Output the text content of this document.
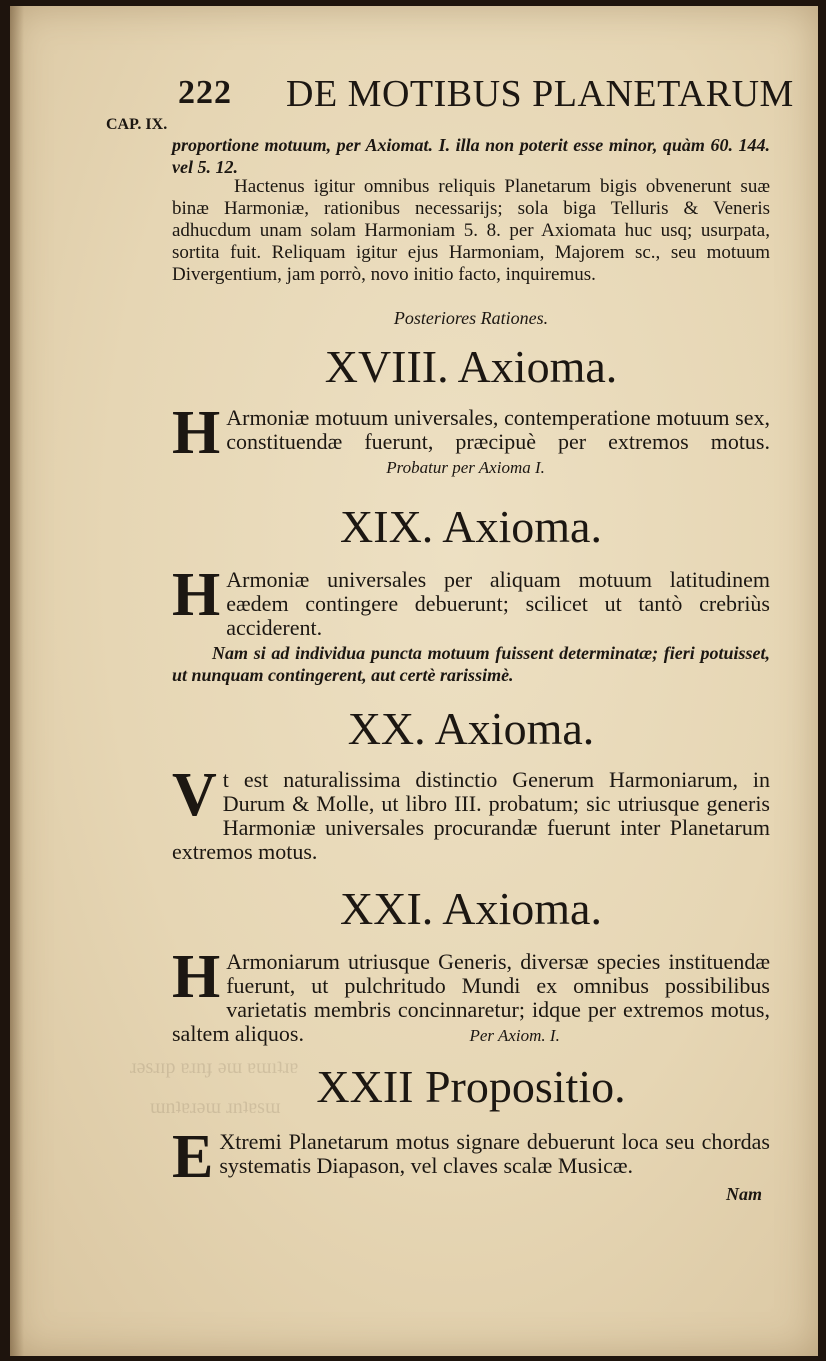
ɹǝsɹɪp ɐɹnɟ ǝɯ ɐɯıʇɹɐ
ɯnʇɐɹǝɯ ɹnʇɐsɯ
222 DE MOTIBUS PLANETARUM
CAP. IX.
proportione motuum, per Axiomat. I. illa non poterit esse minor, quàm 60. 144.
vel 5. 12.
Hactenus igitur omnibus reliquis Planetarum bigis obvenerunt suæ binæ Harmoniæ, rationibus necessarijs; sola biga Telluris & Veneris adhucdum unam solam Harmoniam 5. 8. per Axiomata huc usq; usurpata, sortita fuit. Reliquam igitur ejus Harmoniam, Majorem sc., seu motuum Divergentium, jam porrò, novo initio facto, inquiremus.
Posteriores Rationes.
XVIII. Axioma.
H Armoniæ motuum universales, contemperatione motuum sex, constituendæ fuerunt, præcipuè per extremos motus. Probatur per Axioma I.
XIX. Axioma.
H Armoniæ universales per aliquam motuum latitudinem eædem contingere debuerunt; scilicet ut tantò crebriùs acciderent.
Nam si ad individua puncta motuum fuissent determinatæ; fieri potuisset, ut nunquam contingerent, aut certè rarissimè.
XX. Axioma.
Vt est naturalissima distinctio Generum Harmoniarum, in Durum & Molle, ut libro III. probatum; sic utriusque generis Harmoniæ universales procurandæ fuerunt inter Planetarum extremos motus.
XXI. Axioma.
H Armoniarum utriusque Generis, diversæ species instituendæ fuerunt, ut pulchritudo Mundi ex omnibus possibilibus varietatis membris concinnaretur; idque per extremos motus, saltem aliquos.	Per Axiom. I.
XXII Propositio.
E Xtremi Planetarum motus signare debuerunt loca seu chordas systematis Diapason, vel claves scalæ Musicæ.
Nam
